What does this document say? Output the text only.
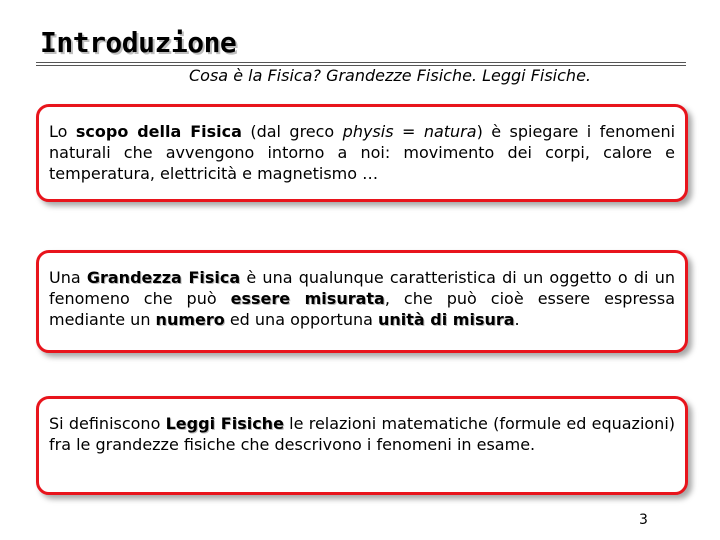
Introduzione
Cosa è la Fisica? Grandezze Fisiche. Leggi Fisiche.
Lo scopo della Fisica (dal greco physis = natura) è spiegare i fenomeni naturali che avvengono intorno a noi: movimento dei corpi, calore e temperatura, elettricità e magnetismo …
Una Grandezza Fisica è una qualunque caratteristica di un oggetto o di un fenomeno che può essere misurata, che può cioè essere espressa mediante un numero ed una opportuna unità di misura.
Si definiscono Leggi Fisiche le relazioni matematiche (formule ed equazioni) fra le grandezze fisiche che descrivono i fenomeni in esame.
3
